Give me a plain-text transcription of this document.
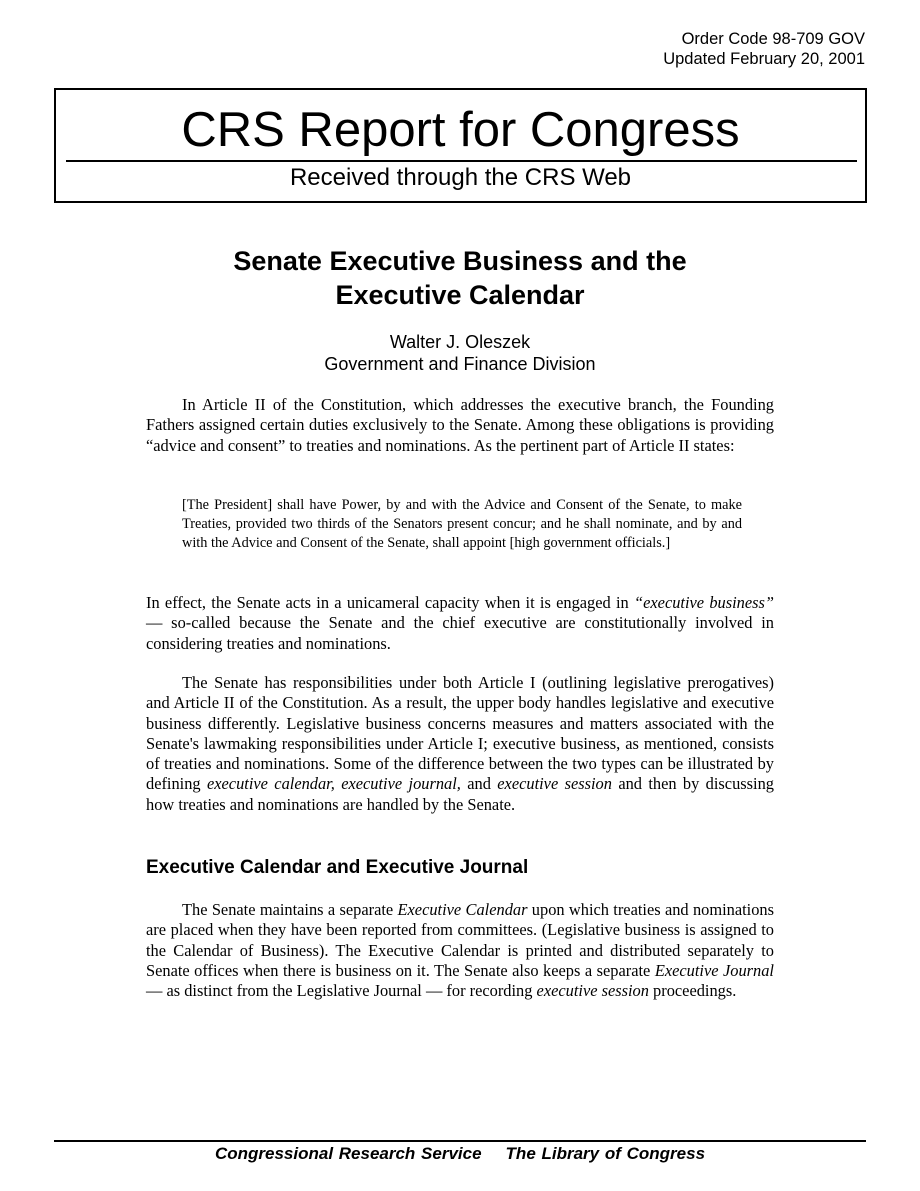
Order Code 98-709 GOV
Updated February 20, 2001
CRS Report for Congress
Received through the CRS Web
Senate Executive Business and the
Executive Calendar
Walter J. Oleszek
Government and Finance Division

In Article II of the Constitution, which addresses the executive branch, the Founding Fathers assigned certain duties exclusively to the Senate. Among these obligations is providing “advice and consent” to treaties and nominations. As the pertinent part of Article II states:

[The President] shall have Power, by and with the Advice and Consent of the Senate, to make Treaties, provided two thirds of the Senators present concur; and he shall nominate, and by and with the Advice and Consent of the Senate, shall appoint [high government officials.]

In effect, the Senate acts in a unicameral capacity when it is engaged in “executive business” — so-called because the Senate and the chief executive are constitutionally involved in considering treaties and nominations.

The Senate has responsibilities under both Article I (outlining legislative prerogatives) and Article II of the Constitution. As a result, the upper body handles legislative and executive business differently. Legislative business concerns measures and matters associated with the Senate's lawmaking responsibilities under Article I; executive business, as mentioned, consists of treaties and nominations. Some of the difference between the two types can be illustrated by defining executive calendar, executive journal, and executive session and then by discussing how treaties and nominations are handled by the Senate.

Executive Calendar and Executive Journal

The Senate maintains a separate Executive Calendar upon which treaties and nominations are placed when they have been reported from committees. (Legislative business is assigned to the Calendar of Business). The Executive Calendar is printed and distributed separately to Senate offices when there is business on it. The Senate also keeps a separate Executive Journal — as distinct from the Legislative Journal — for recording executive session proceedings.

Congressional Research Service The Library of Congress
